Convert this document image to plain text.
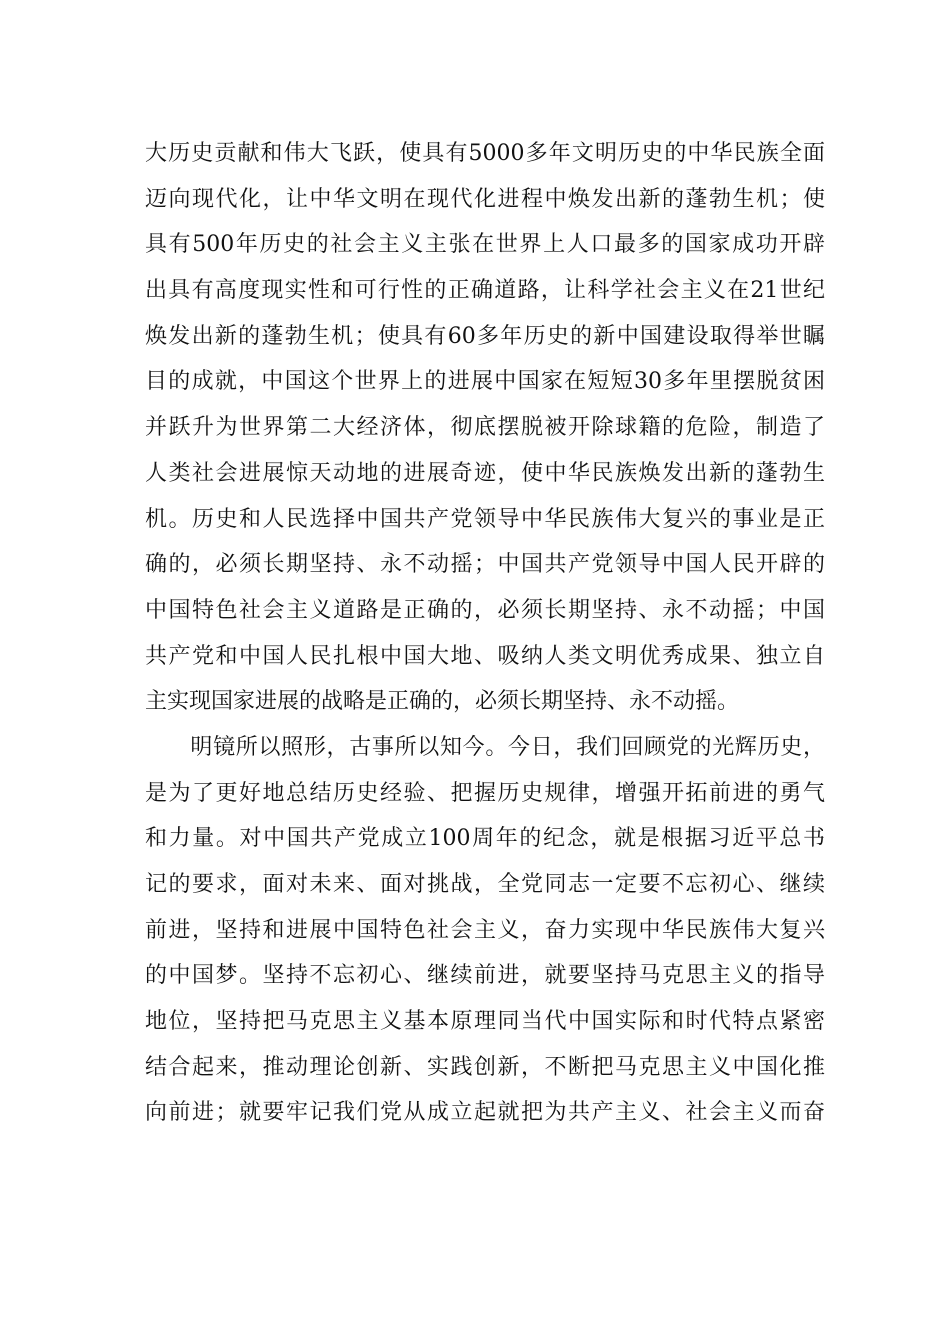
大历史贡献和伟大飞跃，使具有5000多年文明历史的中华民族全面
迈向现代化，让中华文明在现代化进程中焕发出新的蓬勃生机；使
具有500年历史的社会主义主张在世界上人口最多的国家成功开辟
出具有高度现实性和可行性的正确道路，让科学社会主义在21世纪
焕发出新的蓬勃生机；使具有60多年历史的新中国建设取得举世瞩
目的成就，中国这个世界上的进展中国家在短短30多年里摆脱贫困
并跃升为世界第二大经济体，彻底摆脱被开除球籍的危险，制造了
人类社会进展惊天动地的进展奇迹，使中华民族焕发出新的蓬勃生
机。历史和人民选择中国共产党领导中华民族伟大复兴的事业是正
确的，必须长期坚持、永不动摇；中国共产党领导中国人民开辟的
中国特色社会主义道路是正确的，必须长期坚持、永不动摇；中国
共产党和中国人民扎根中国大地、吸纳人类文明优秀成果、独立自
主实现国家进展的战略是正确的，必须长期坚持、永不动摇。
　　明镜所以照形，古事所以知今。今日，我们回顾党的光辉历史，
是为了更好地总结历史经验、把握历史规律，增强开拓前进的勇气
和力量。对中国共产党成立100周年的纪念，就是根据习近平总书
记的要求，面对未来、面对挑战，全党同志一定要不忘初心、继续
前进，坚持和进展中国特色社会主义，奋力实现中华民族伟大复兴
的中国梦。坚持不忘初心、继续前进，就要坚持马克思主义的指导
地位，坚持把马克思主义基本原理同当代中国实际和时代特点紧密
结合起来，推动理论创新、实践创新，不断把马克思主义中国化推
向前进；就要牢记我们党从成立起就把为共产主义、社会主义而奋
